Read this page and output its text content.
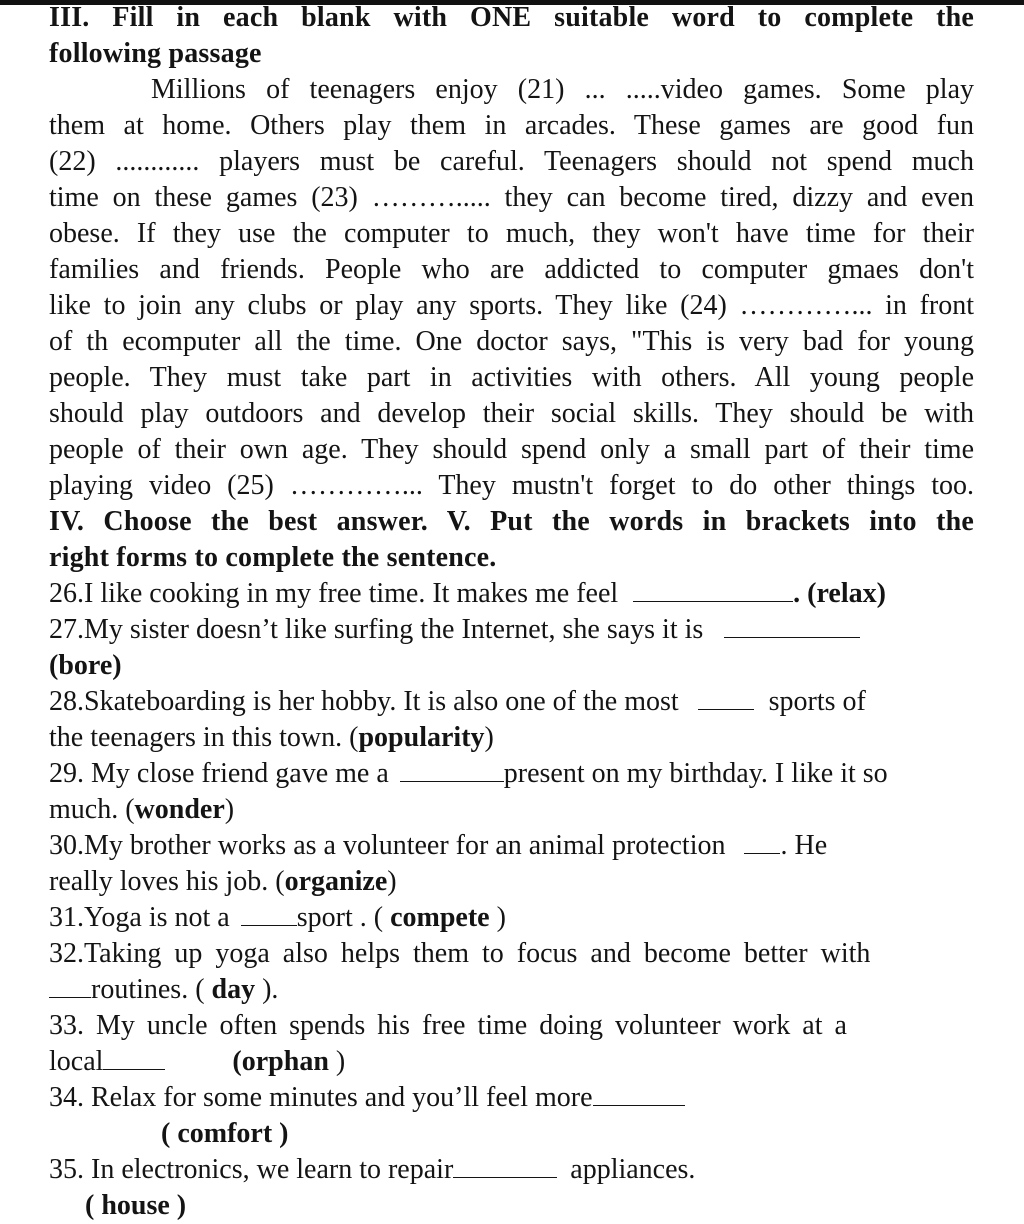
III. Fill in each blank with ONE suitable word to complete the
following passage
Millions of teenagers enjoy (21) ... .....video games. Some play
them at home. Others play them in arcades. These games are good fun
(22) ............ players must be careful. Teenagers should not spend much
time on these games (23) ………..... they can become tired, dizzy and even
obese. If they use the computer to much, they won't have time for their
families and friends. People who are addicted to computer gmaes don't
like to join any clubs or play any sports. They like (24) …………... in front
of th ecomputer all the time. One doctor says, "This is very bad for young
people. They must take part in activities with others. All young people
should play outdoors and develop their social skills. They should be with
people of their own age. They should spend only a small part of their time
playing video (25) …………... They mustn't forget to do other things too.
IV. Choose the best answer. V. Put the words in brackets into the
right forms to complete the sentence.
26.I like cooking in my free time. It makes me feel	. (relax)
27.My sister doesn’t like surfing the Internet, she says it is
(bore)
28.Skateboarding is her hobby. It is also one of the most	sports of
the teenagers in this town. (popularity)
29. My close friend gave me a	present on my birthday. I like it so
much. (wonder)
30.My brother works as a volunteer for an animal protection . He
really loves his job. (organize)
31.Yoga is not a sport . ( compete )
32.Taking up yoga also helps them to focus and become better with
routines. ( day ).
33. My uncle often spends his free time doing volunteer work at a
local	(orphan )
34. Relax for some minutes and you’ll feel more
( comfort )
35. In electronics, we learn to repair	appliances.
( house )
